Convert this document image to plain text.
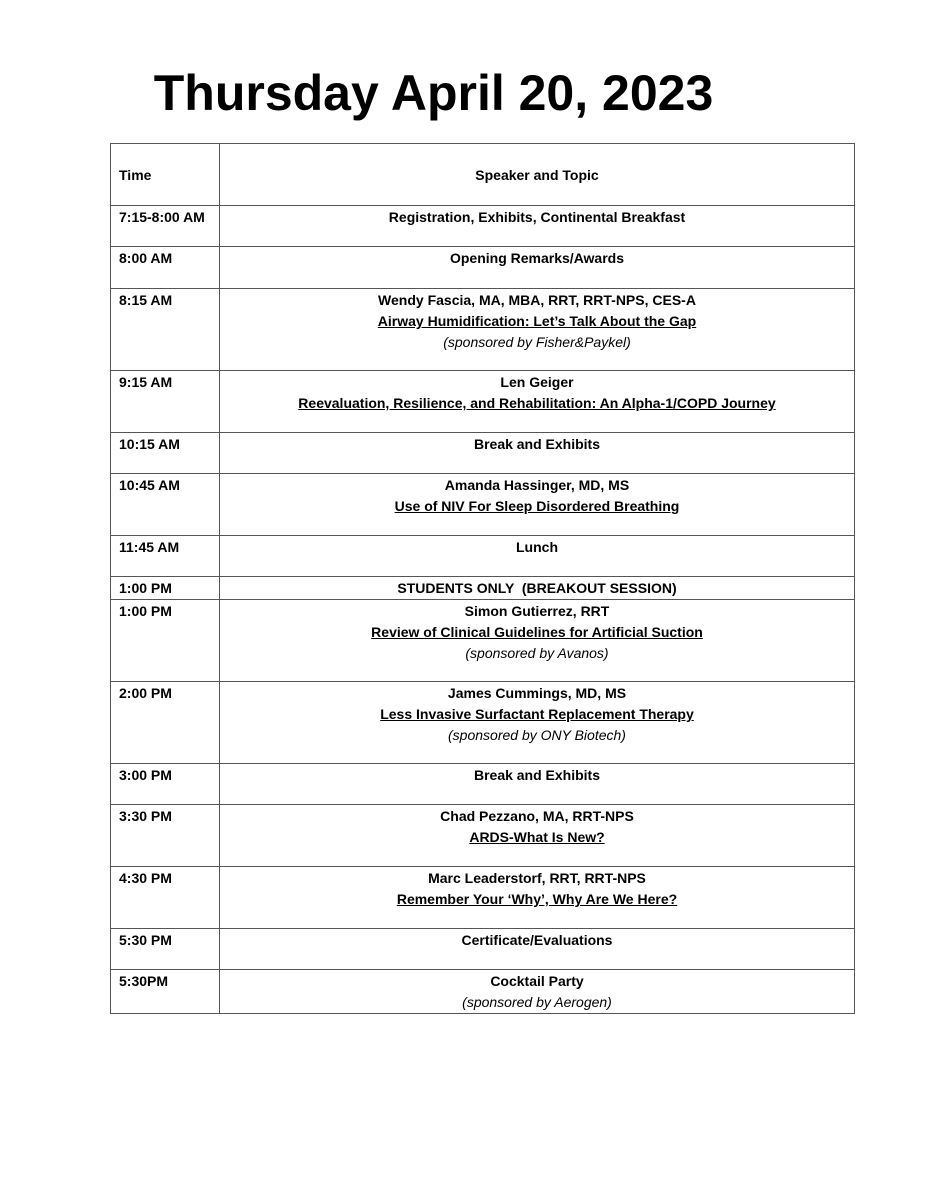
Thursday April 20, 2023
Time	Speaker and Topic
7:15-8:00 AM	Registration, Exhibits, Continental Breakfast

8:00 AM	Opening Remarks/Awards

8:15 AM	Wendy Fascia, MA, MBA, RRT, RRT-NPS, CES-A
Airway Humidification: Let’s Talk About the Gap
(sponsored by Fisher&Paykel)

9:15 AM	Len Geiger
Reevaluation, Resilience, and Rehabilitation: An Alpha-1/COPD Journey

10:15 AM	Break and Exhibits

10:45 AM	Amanda Hassinger, MD, MS
Use of NIV For Sleep Disordered Breathing

11:45 AM	Lunch

1:00 PM	STUDENTS ONLY  (BREAKOUT SESSION)

1:00 PM	Simon Gutierrez, RRT
Review of Clinical Guidelines for Artificial Suction
(sponsored by Avanos)

2:00 PM	James Cummings, MD, MS
Less Invasive Surfactant Replacement Therapy
(sponsored by ONY Biotech)

3:00 PM	Break and Exhibits

3:30 PM	Chad Pezzano, MA, RRT-NPS
ARDS-What Is New?

4:30 PM	Marc Leaderstorf, RRT, RRT-NPS
Remember Your ‘Why’, Why Are We Here?

5:30 PM	Certificate/Evaluations

5:30PM	Cocktail Party
(sponsored by Aerogen)
